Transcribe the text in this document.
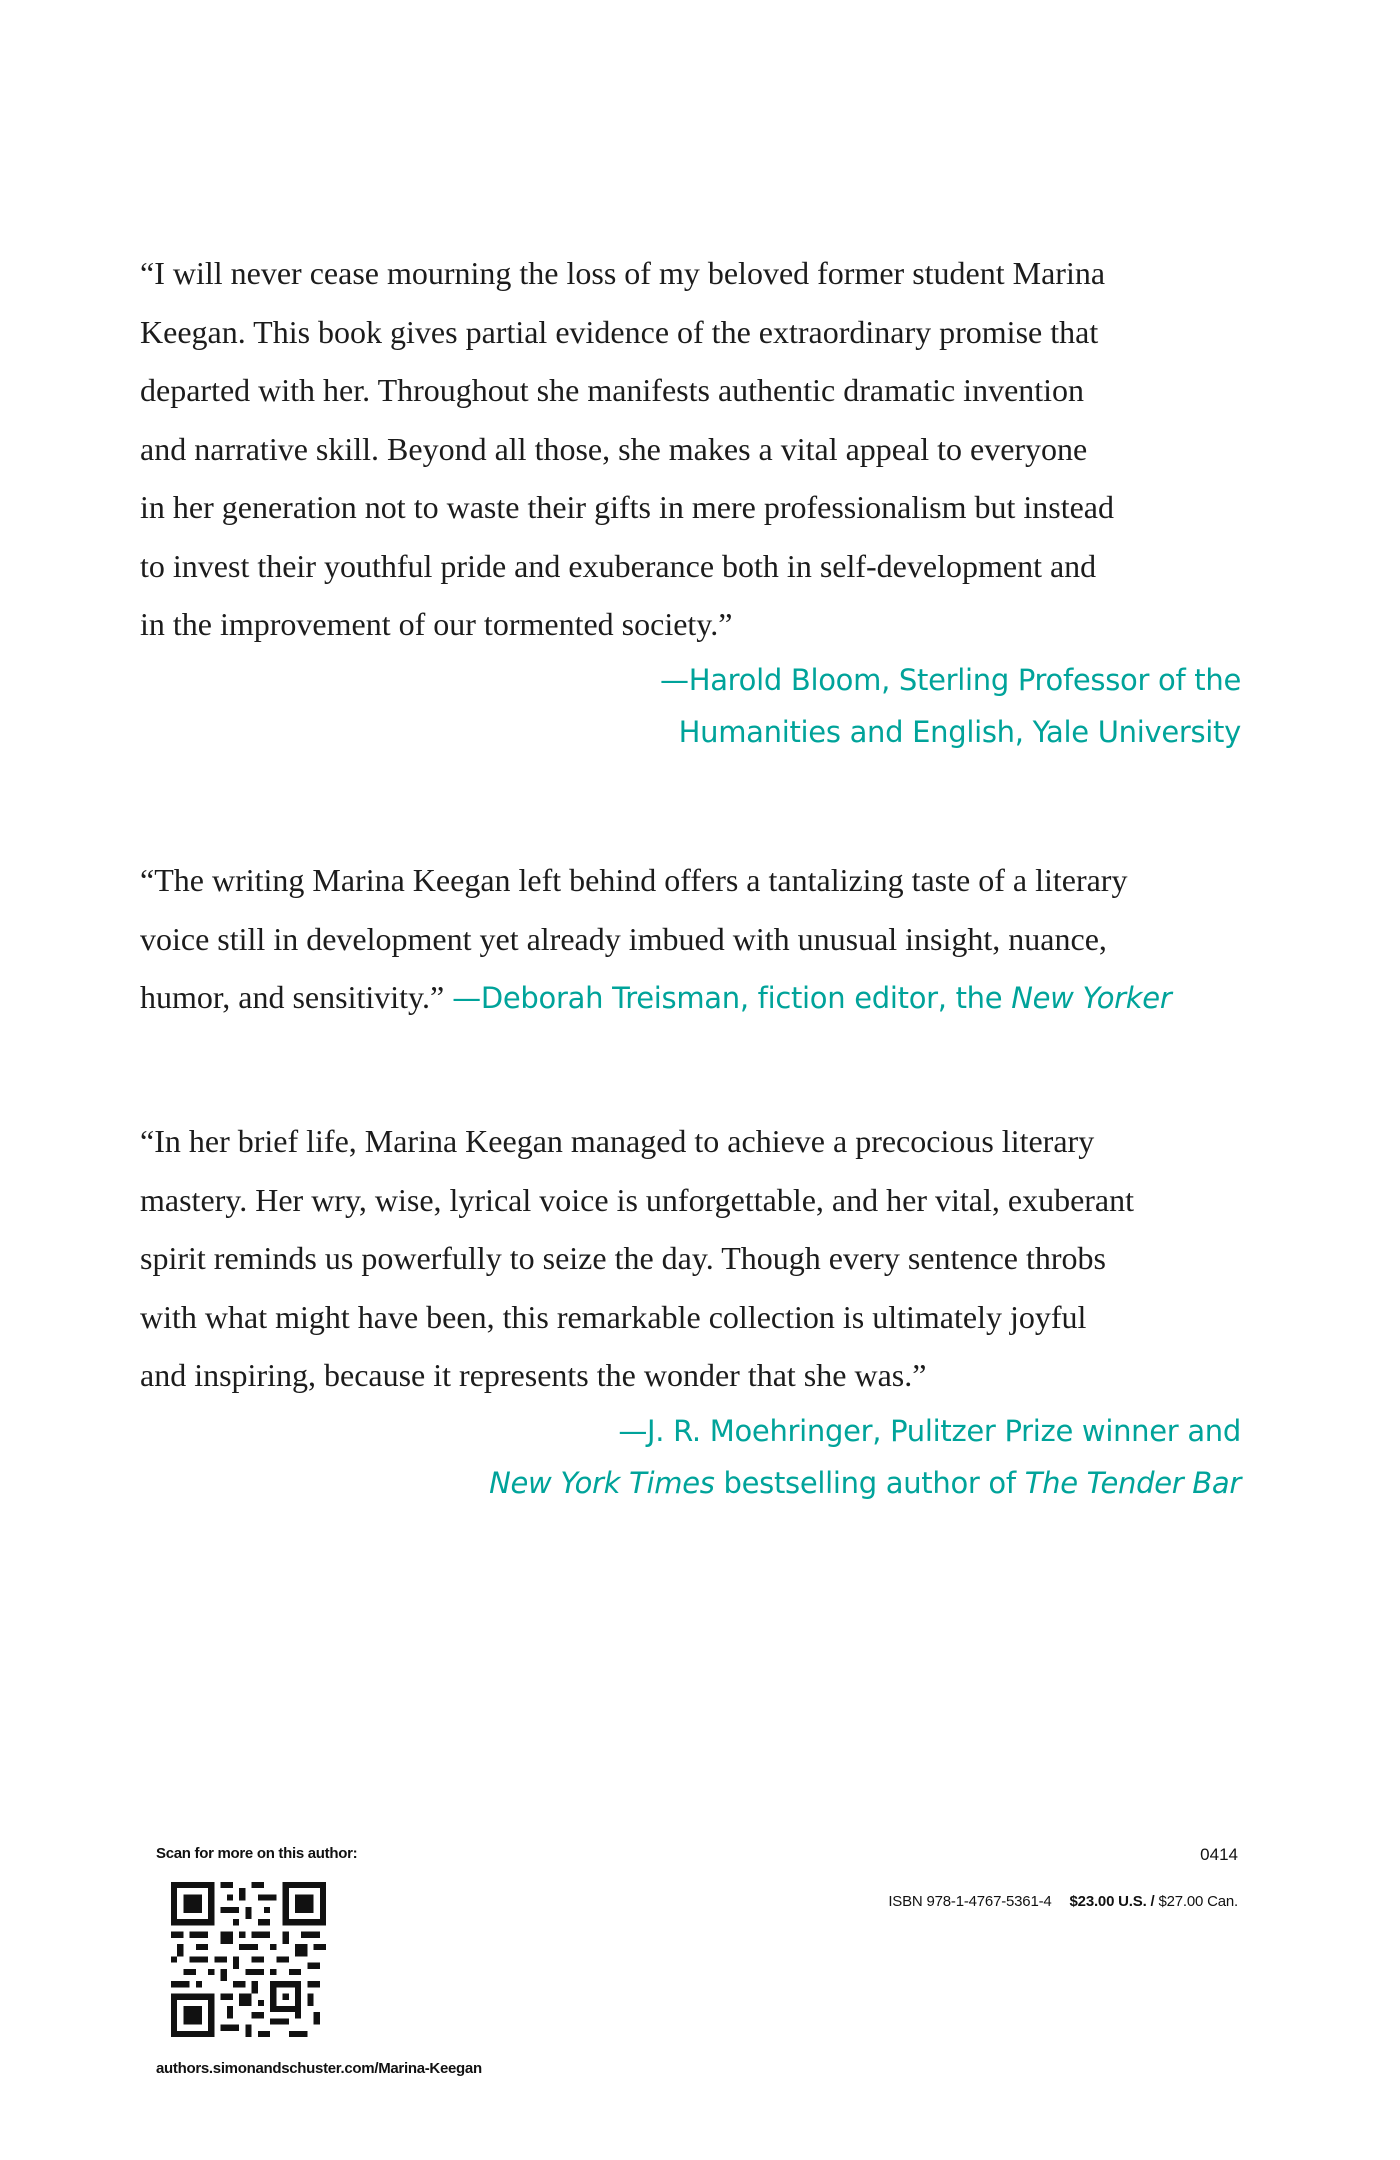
“I will never cease mourning the loss of my beloved former student Marina
Keegan. This book gives partial evidence of the extraordinary promise that
departed with her. Throughout she manifests authentic dramatic invention
and narrative skill. Beyond all those, she makes a vital appeal to everyone
in her generation not to waste their gifts in mere professionalism but instead
to invest their youthful pride and exuberance both in self-development and
in the improvement of our tormented society.”

—Harold Bloom, Sterling Professor of the
Humanities and English, Yale University

“The writing Marina Keegan left behind offers a tantalizing taste of a literary
voice still in development yet already imbued with unusual insight, nuance,
humor, and sensitivity.” —Deborah Treisman, fiction editor, the New Yorker

“In her brief life, Marina Keegan managed to achieve a precocious literary
mastery. Her wry, wise, lyrical voice is unforgettable, and her vital, exuberant
spirit reminds us powerfully to seize the day. Though every sentence throbs
with what might have been, this remarkable collection is ultimately joyful
and inspiring, because it represents the wonder that she was.”

—J. R. Moehringer, Pulitzer Prize winner and
New York Times bestselling author of The Tender Bar

Scan for more on this author:
authors.simonandschuster.com/Marina-Keegan
0414
ISBN 978-1-4767-5361-4 $23.00 U.S. / $27.00 Can.
